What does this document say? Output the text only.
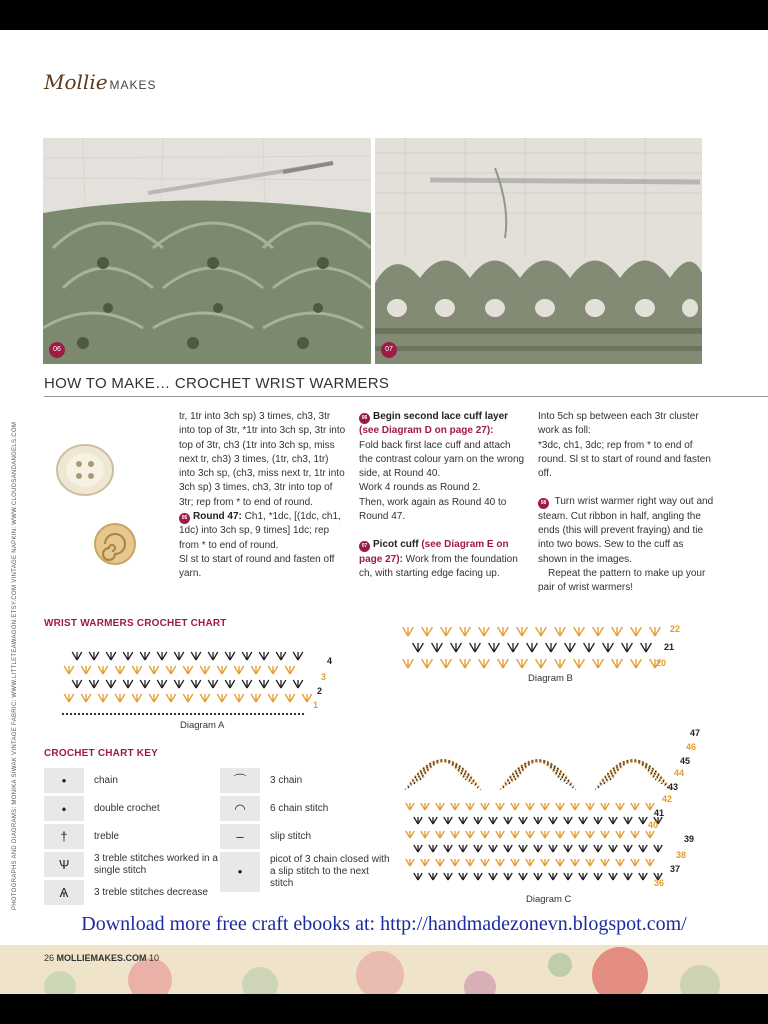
Mollie MAKES
06	07
HOW TO MAKE… CROCHET WRIST WARMERS
PHOTOGRAPHS AND DIAGRAMS: MONIKA SIWAK VINTAGE FABRIC: WWW.LITTLETEAWAGON.ETSY.COM VINTAGE NAPKIN: WWW.CLOUDSANDANGELS.COM

tr, 1tr into 3ch sp) 3 times, ch3, 3tr into top of 3tr, *1tr into 3ch sp, 3tr into top of 3tr, ch3 (1tr into 3ch sp, miss next tr, ch3) 3 times, (1tr, ch3, 1tr) into 3ch sp, (ch3, miss next tr, 1tr into 3ch sp) 3 times, ch3, 3tr into top of 3tr; rep from * to end of round.

05 Round 47: Ch1, *1dc, [(1dc, ch1, 1dc) into 3ch sp, 9 times] 1dc; rep from * to end of round.

Sl st to start of round and fasten off yarn.

06 Begin second lace cuff layer
(see Diagram D on page 27):

Fold back first lace cuff and attach the contrast colour yarn on the wrong side, at Round 40.

Work 4 rounds as Round 2.

Then, work again as Round 40 to Round 47.

07 Picot cuff (see Diagram E on page 27): Work from the foundation ch, with starting edge facing up.

Into 5ch sp between each 3tr cluster work as foll:

*3dc, ch1, 3dc; rep from * to end of round. Sl st to start of round and fasten off.

08 Turn wrist warmer right way out and steam. Cut ribbon in half, angling the ends (this will prevent fraying) and tie into two bows. Sew to the cuff as shown in the images.

Repeat the pattern to make up your pair of wrist warmers!

WRIST WARMERS CROCHET CHART
4
3
2
1
Diagram A
22
21
20
Diagram B
47
46
45
44
43
42
41
40
39
38
37
36
Diagram C
CROCHET CHART KEY
•	chain
⬩	double crochet
†	treble
Ѱ	3 treble stitches worked in a single stitch
Ѧ	3 treble stitches decrease
⌒	3 chain
◠	6 chain stitch
‒	slip stitch
•
picot of 3 chain closed with a slip stitch to the next stitch
Download more free craft ebooks at: http://handmadezonevn.blogspot.com/
26 MOLLIEMAKES.COM 10
